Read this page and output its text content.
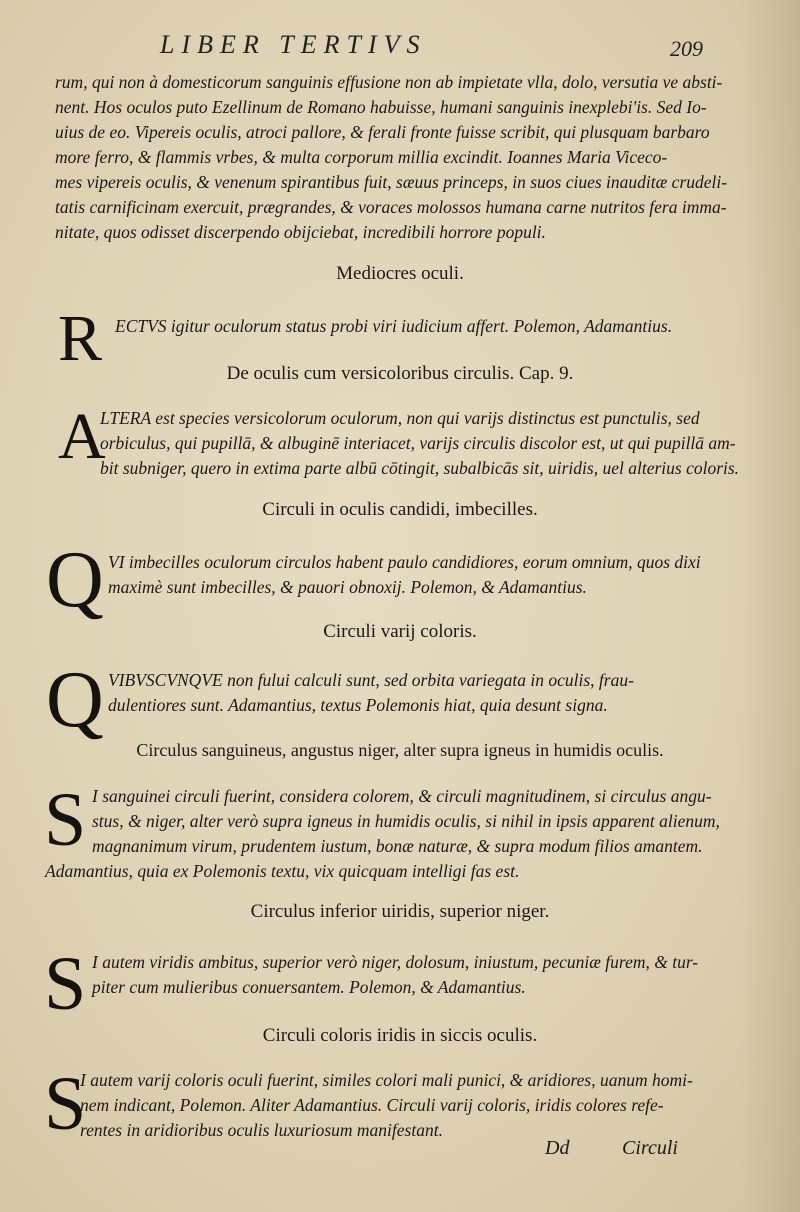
LIBER TERTIVS	209
rum, qui non à domesticorum sanguinis effusione non ab impietate vlla, dolo, versutia ve absti-
nent. Hos oculos puto Ezellinum de Romano habuisse, humani sanguinis inexplebi'is. Sed Io-
uius de eo. Vipereis oculis, atroci pallore, & ferali fronte fuisse scribit, qui plusquam barbaro
more ferro, & flammis vrbes, & multa corporum millia excindit. Ioannes Maria Viceco-
mes vipereis oculis, & venenum spirantibus fuit, sæuus princeps, in suos ciues inauditæ crudeli-
tatis carnificinam exercuit, prægrandes, & voraces molossos humana carne nutritos fera imma-
nitate, quos odisset discerpendo obijciebat, incredibili horrore populi.
Mediocres oculi.
R ECTVS igitur oculorum status probi viri iudicium affert. Polemon, Adamantius.
De oculis cum versicoloribus circulis. Cap. 9.
A
LTERA est species versicolorum oculorum, non qui varijs distinctus est punctulis, sed
orbiculus, qui pupillā, & albuginē interiacet, varijs circulis discolor est, ut qui pupillā am-
bit subniger, quero in extima parte albū cōtingit, subalbicās sit, uiridis, uel alterius coloris.
Circuli in oculis candidi, imbecilles.
Q VI imbecilles oculorum circulos habent paulo candidiores, eorum omnium, quos dixi
maximè sunt imbecilles, & pauori obnoxij. Polemon, & Adamantius.
Circuli varij coloris.
Q VIBVSCVNQVE non fului calculi sunt, sed orbita variegata in oculis, frau-
dulentiores sunt. Adamantius, textus Polemonis hiat, quia desunt signa.
Circulus sanguineus, angustus niger, alter supra igneus in humidis oculis.
S I sanguinei circuli fuerint, considera colorem, & circuli magnitudinem, si circulus angu-
stus, & niger, alter verò supra igneus in humidis oculis, si nihil in ipsis apparent alienum,
magnanimum virum, prudentem iustum, bonæ naturæ, & supra modum filios amantem.
Adamantius, quia ex Polemonis textu, vix quicquam intelligi fas est.
Circulus inferior uiridis, superior niger.
S I autem viridis ambitus, superior verò niger, dolosum, iniustum, pecuniæ furem, & tur-
piter cum mulieribus conuersantem. Polemon, & Adamantius.
Circuli coloris iridis in siccis oculis.
S
I autem varij coloris oculi fuerint, similes colori mali punici, & aridiores, uanum homi-
nem indicant, Polemon. Aliter Adamantius. Circuli varij coloris, iridis colores refe-
rentes in aridioribus oculis luxuriosum manifestant.
Dd	Circuli
